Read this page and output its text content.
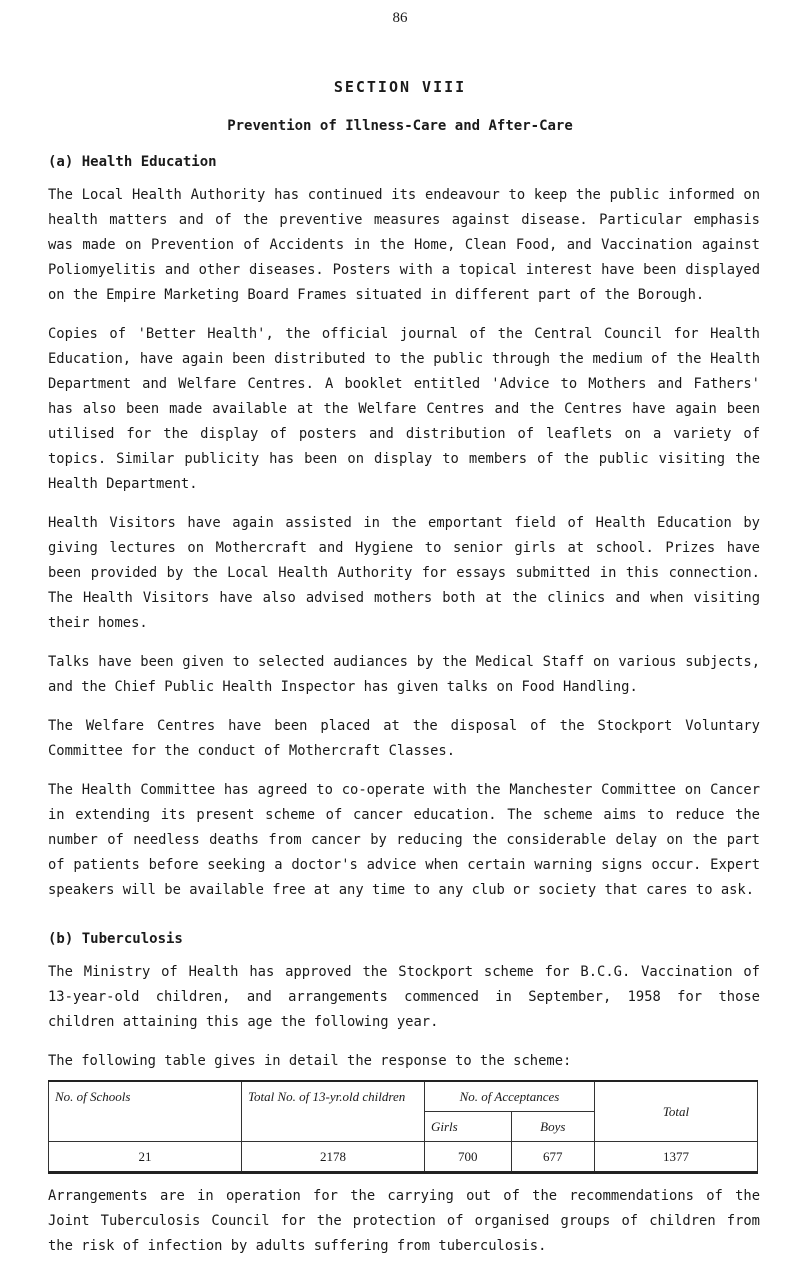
86
SECTION VIII
Prevention of Illness-Care and After-Care
(a) Health Education

The Local Health Authority has continued its endeavour to keep the public informed on health matters and of the preventive measures against disease. Particular emphasis was made on Prevention of Accidents in the Home, Clean Food, and Vaccination against Poliomyelitis and other diseases. Posters with a topical interest have been displayed on the Empire Marketing Board Frames situated in different part of the Borough.

Copies of 'Better Health', the official journal of the Central Council for Health Education, have again been distributed to the public through the medium of the Health Department and Welfare Centres. A booklet entitled 'Advice to Mothers and Fathers' has also been made available at the Welfare Centres and the Centres have again been utilised for the display of posters and distribution of leaflets on a variety of topics. Similar publicity has been on display to members of the public visiting the Health Department.

Health Visitors have again assisted in the emportant field of Health Education by giving lectures on Mothercraft and Hygiene to senior girls at school. Prizes have been provided by the Local Health Authority for essays submitted in this connection. The Health Visitors have also advised mothers both at the clinics and when visiting their homes.

Talks have been given to selected audiances by the Medical Staff on various subjects, and the Chief Public Health Inspector has given talks on Food Handling.

The Welfare Centres have been placed at the disposal of the Stockport Voluntary Committee for the conduct of Mothercraft Classes.

The Health Committee has agreed to co-operate with the Manchester Committee on Cancer in extending its present scheme of cancer education. The scheme aims to reduce the number of needless deaths from cancer by reducing the considerable delay on the part of patients before seeking a doctor's advice when certain warning signs occur. Expert speakers will be available free at any time to any club or society that cares to ask.

(b) Tuberculosis

The Ministry of Health has approved the Stockport scheme for B.C.G. Vaccination of 13-year-old children, and arrangements commenced in September, 1958 for those children attaining this age the following year.

The following table gives in detail the response to the scheme:

No. of Schools	Total No. of 13-yr.old children	No. of Acceptances		Total
		Girls	Boys	
21	2178	700	677	1377

Arrangements are in operation for the carrying out of the recommendations of the Joint Tuberculosis Council for the protection of organised groups of children from the risk of infection by adults suffering from tuberculosis.
